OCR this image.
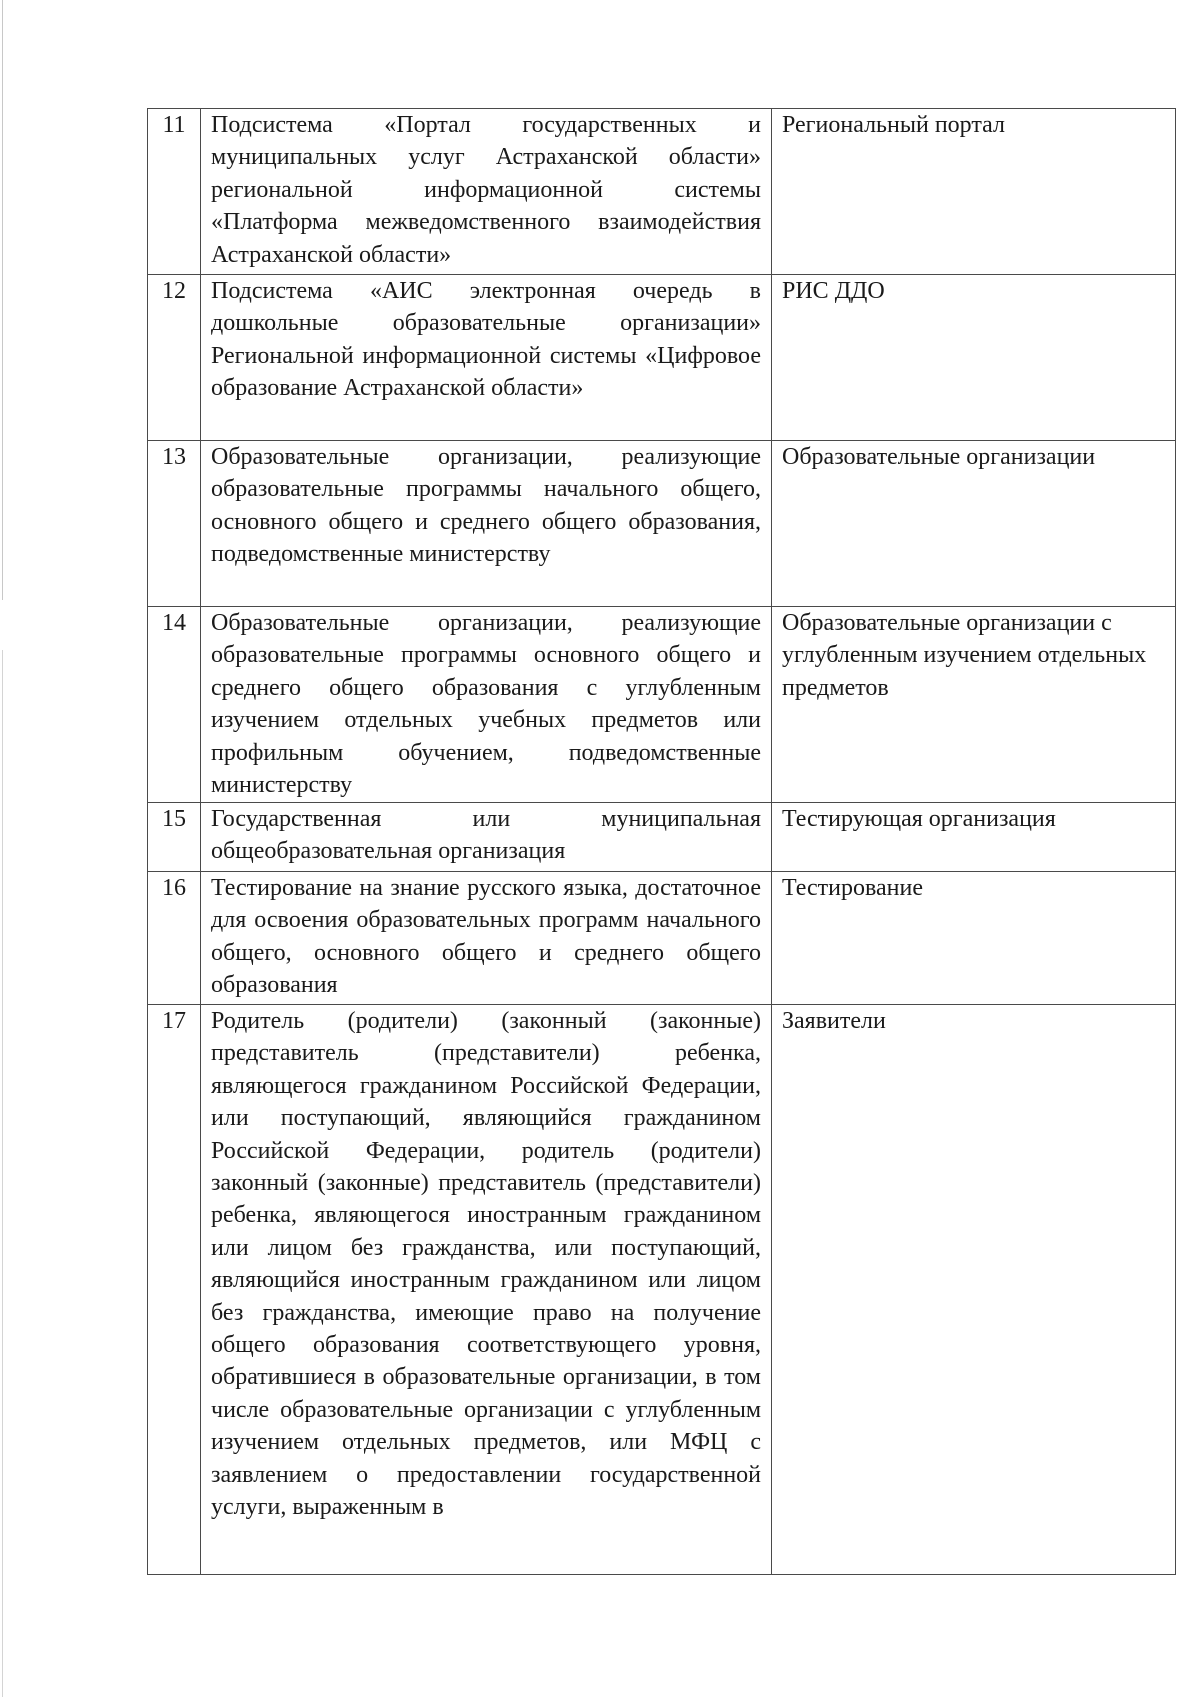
11	Подсистема «Портал государственных и муниципальных услуг Астраханской области» региональной информационной системы «Платформа межведомственного взаимодействия Астраханской области»	Региональный портал
12	Подсистема «АИС электронная очередь в дошкольные образовательные организации» Региональной информационной системы «Цифровое образование Астраханской области»	РИС ДДО
13	Образовательные организации, реализующие образовательные программы начального общего, основного общего и среднего общего образования, подведомственные министерству	Образовательные организации
14	Образовательные организации, реализующие образовательные программы основного общего и среднего общего образования с углубленным изучением отдельных учебных предметов или профильным обучением, подведомственные министерству	Образовательные организации с углубленным изучением отдельных предметов
15	Государственная или муниципальная общеобразовательная организация	Тестирующая организация
16	Тестирование на знание русского языка, достаточное для освоения образовательных программ начального общего, основного общего и среднего общего образования	Тестирование
17	Родитель (родители) (законный (законные) представитель (представители) ребенка, являющегося гражданином Российской Федерации, или поступающий, являющийся гражданином Российской Федерации, родитель (родители) законный (законные) представитель (представители) ребенка, являющегося иностранным гражданином или лицом без гражданства, или поступающий, являющийся иностранным гражданином или лицом без гражданства, имеющие право на получение общего образования соответствующего уровня, обратившиеся в образовательные организации, в том числе образовательные организации с углубленным изучением отдельных предметов, или МФЦ с заявлением о предоставлении государственной услуги, выраженным в	Заявители
